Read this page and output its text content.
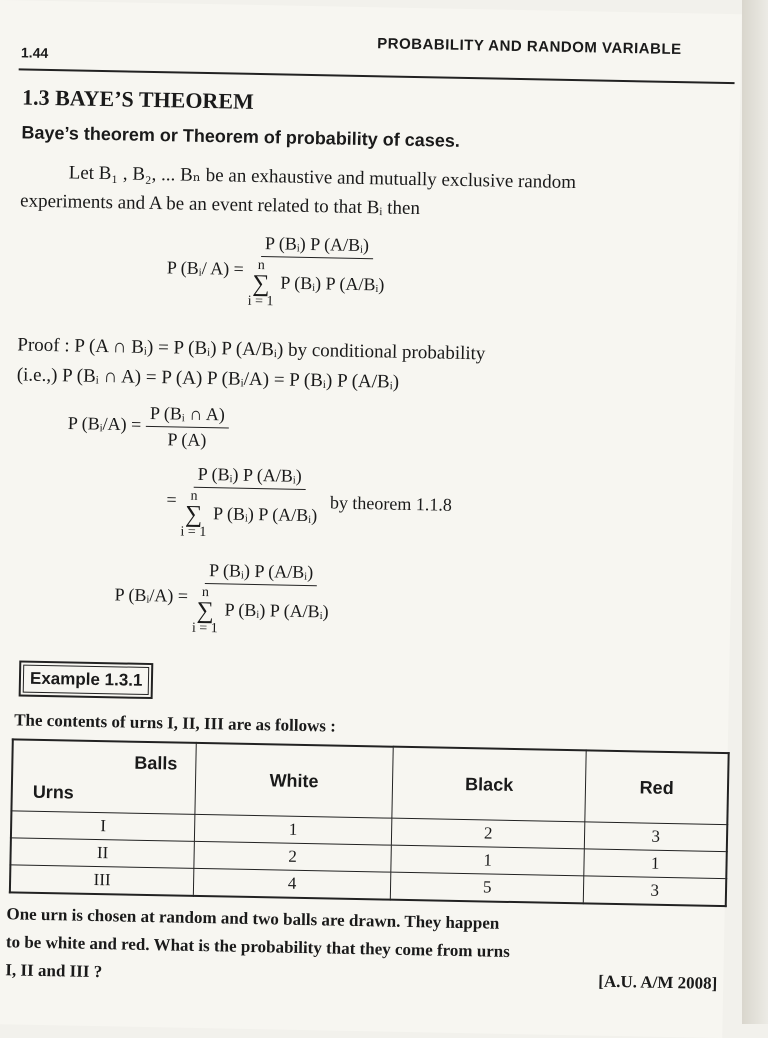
1.44	PROBABILITY AND RANDOM VARIABLE
1.3 BAYE’S THEOREM
Baye’s theorem or Theorem of probability of cases.
Let B₁ , B₂, ... Bₙ be an exhaustive and mutually exclusive random
experiments and A be an event related to that Bᵢ then
P (Bᵢ/ A) =
P (Bᵢ) P (A/Bᵢ)
n
∑
i = 1
P (Bᵢ) P (A/Bᵢ)
Proof : P (A ∩ Bᵢ) = P (Bᵢ) P (A/Bᵢ) by conditional probability
(i.e.,) P (Bᵢ ∩ A) = P (A) P (Bᵢ/A) = P (Bᵢ) P (A/Bᵢ)
P (Bᵢ/A) = $\frac{\text{P (Bᵢ ∩ A)}}{P (A)}$
=
P (Bᵢ) P (A/Bᵢ)
n
∑
i = 1
P (Bᵢ) P (A/Bᵢ) by theorem 1.1.8
P (Bᵢ/A) =
P (Bᵢ) P (A/Bᵢ)
n
∑
i = 1
P (Bᵢ) P (A/Bᵢ)
Example 1.3.1
The contents of urns I, II, III are as follows :
Balls
Urns	White	Black	Red
I	1	2	3
II	2	1	1
III	4	5	3
One urn is chosen at random and two balls are drawn. They happen
to be white and red. What is the probability that they come from urns
I, II and III ?
[A.U. A/M 2008]
